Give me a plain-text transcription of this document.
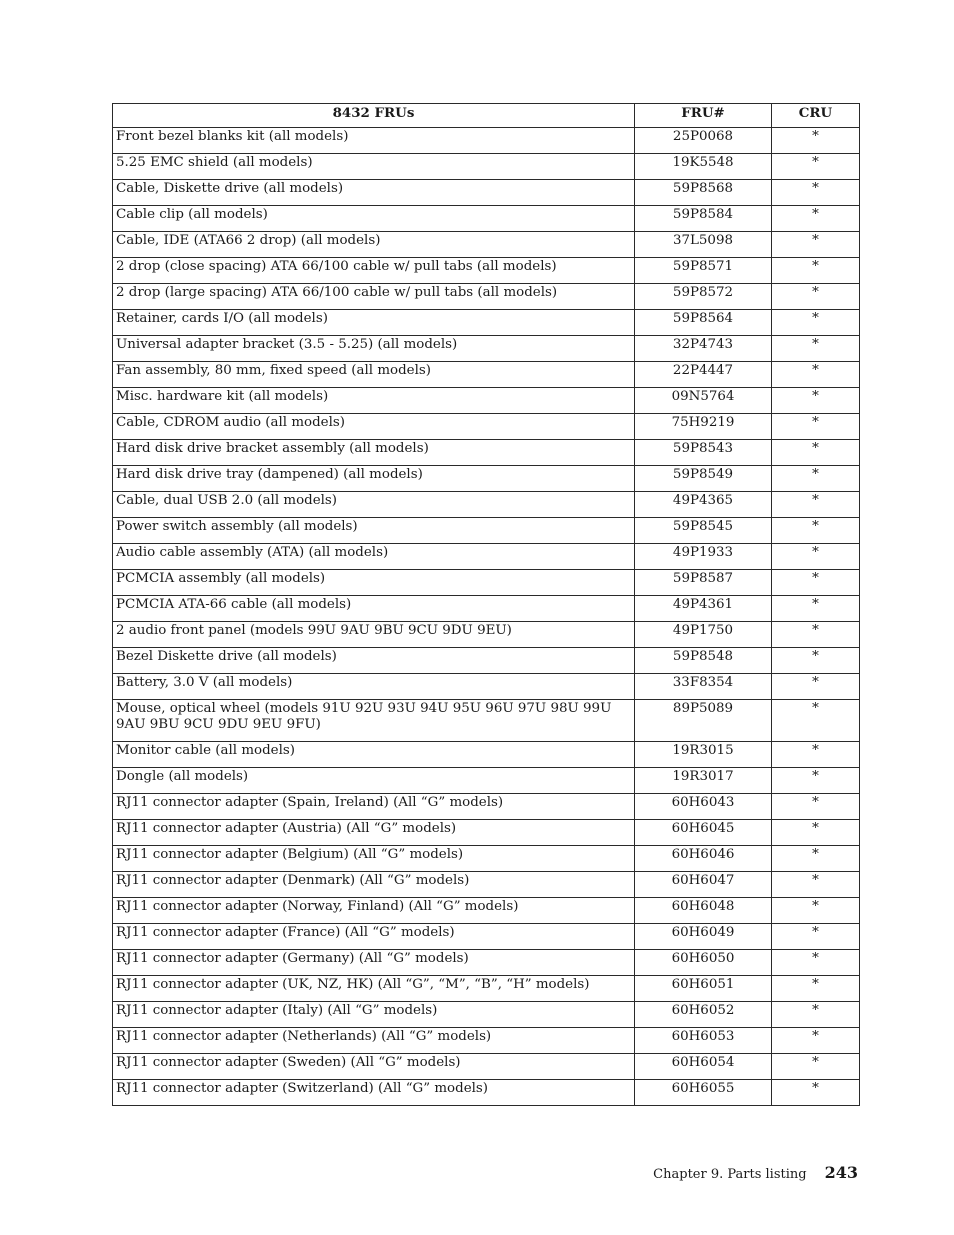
8432 FRUs	FRU#	CRU
Front bezel blanks kit (all models)	25P0068	*
5.25 EMC shield (all models)	19K5548	*
Cable, Diskette drive (all models)	59P8568	*
Cable clip (all models)	59P8584	*
Cable, IDE (ATA66 2 drop) (all models)	37L5098	*
2 drop (close spacing) ATA 66/100 cable w/ pull tabs (all models)	59P8571	*
2 drop (large spacing) ATA 66/100 cable w/ pull tabs (all models)	59P8572	*
Retainer, cards I/O (all models)	59P8564	*
Universal adapter bracket (3.5 - 5.25) (all models)	32P4743	*
Fan assembly, 80 mm, fixed speed (all models)	22P4447	*
Misc. hardware kit (all models)	09N5764	*
Cable, CDROM audio (all models)	75H9219	*
Hard disk drive bracket assembly (all models)	59P8543	*
Hard disk drive tray (dampened) (all models)	59P8549	*
Cable, dual USB 2.0 (all models)	49P4365	*
Power switch assembly (all models)	59P8545	*
Audio cable assembly (ATA) (all models)	49P1933	*
PCMCIA assembly (all models)	59P8587	*
PCMCIA ATA-66 cable (all models)	49P4361	*
2 audio front panel (models 99U 9AU 9BU 9CU 9DU 9EU)	49P1750	*
Bezel Diskette drive (all models)	59P8548	*
Battery, 3.0 V (all models)	33F8354	*
Mouse, optical wheel (models 91U 92U 93U 94U 95U 96U 97U 98U 99U 9AU 9BU 9CU 9DU 9EU 9FU)	89P5089	*
Monitor cable (all models)	19R3015	*
Dongle (all models)	19R3017	*
RJ11 connector adapter (Spain, Ireland) (All “G” models)	60H6043	*
RJ11 connector adapter (Austria) (All “G” models)	60H6045	*
RJ11 connector adapter (Belgium) (All “G” models)	60H6046	*
RJ11 connector adapter (Denmark) (All “G” models)	60H6047	*
RJ11 connector adapter (Norway, Finland) (All “G” models)	60H6048	*
RJ11 connector adapter (France) (All “G” models)	60H6049	*
RJ11 connector adapter (Germany) (All “G” models)	60H6050	*
RJ11 connector adapter (UK, NZ, HK) (All “G”, “M”, “B”, “H” models)	60H6051	*
RJ11 connector adapter (Italy) (All “G” models)	60H6052	*
RJ11 connector adapter (Netherlands) (All “G” models)	60H6053	*
RJ11 connector adapter (Sweden) (All “G” models)	60H6054	*
RJ11 connector adapter (Switzerland) (All “G” models)	60H6055	*
Chapter 9. Parts listing 243
